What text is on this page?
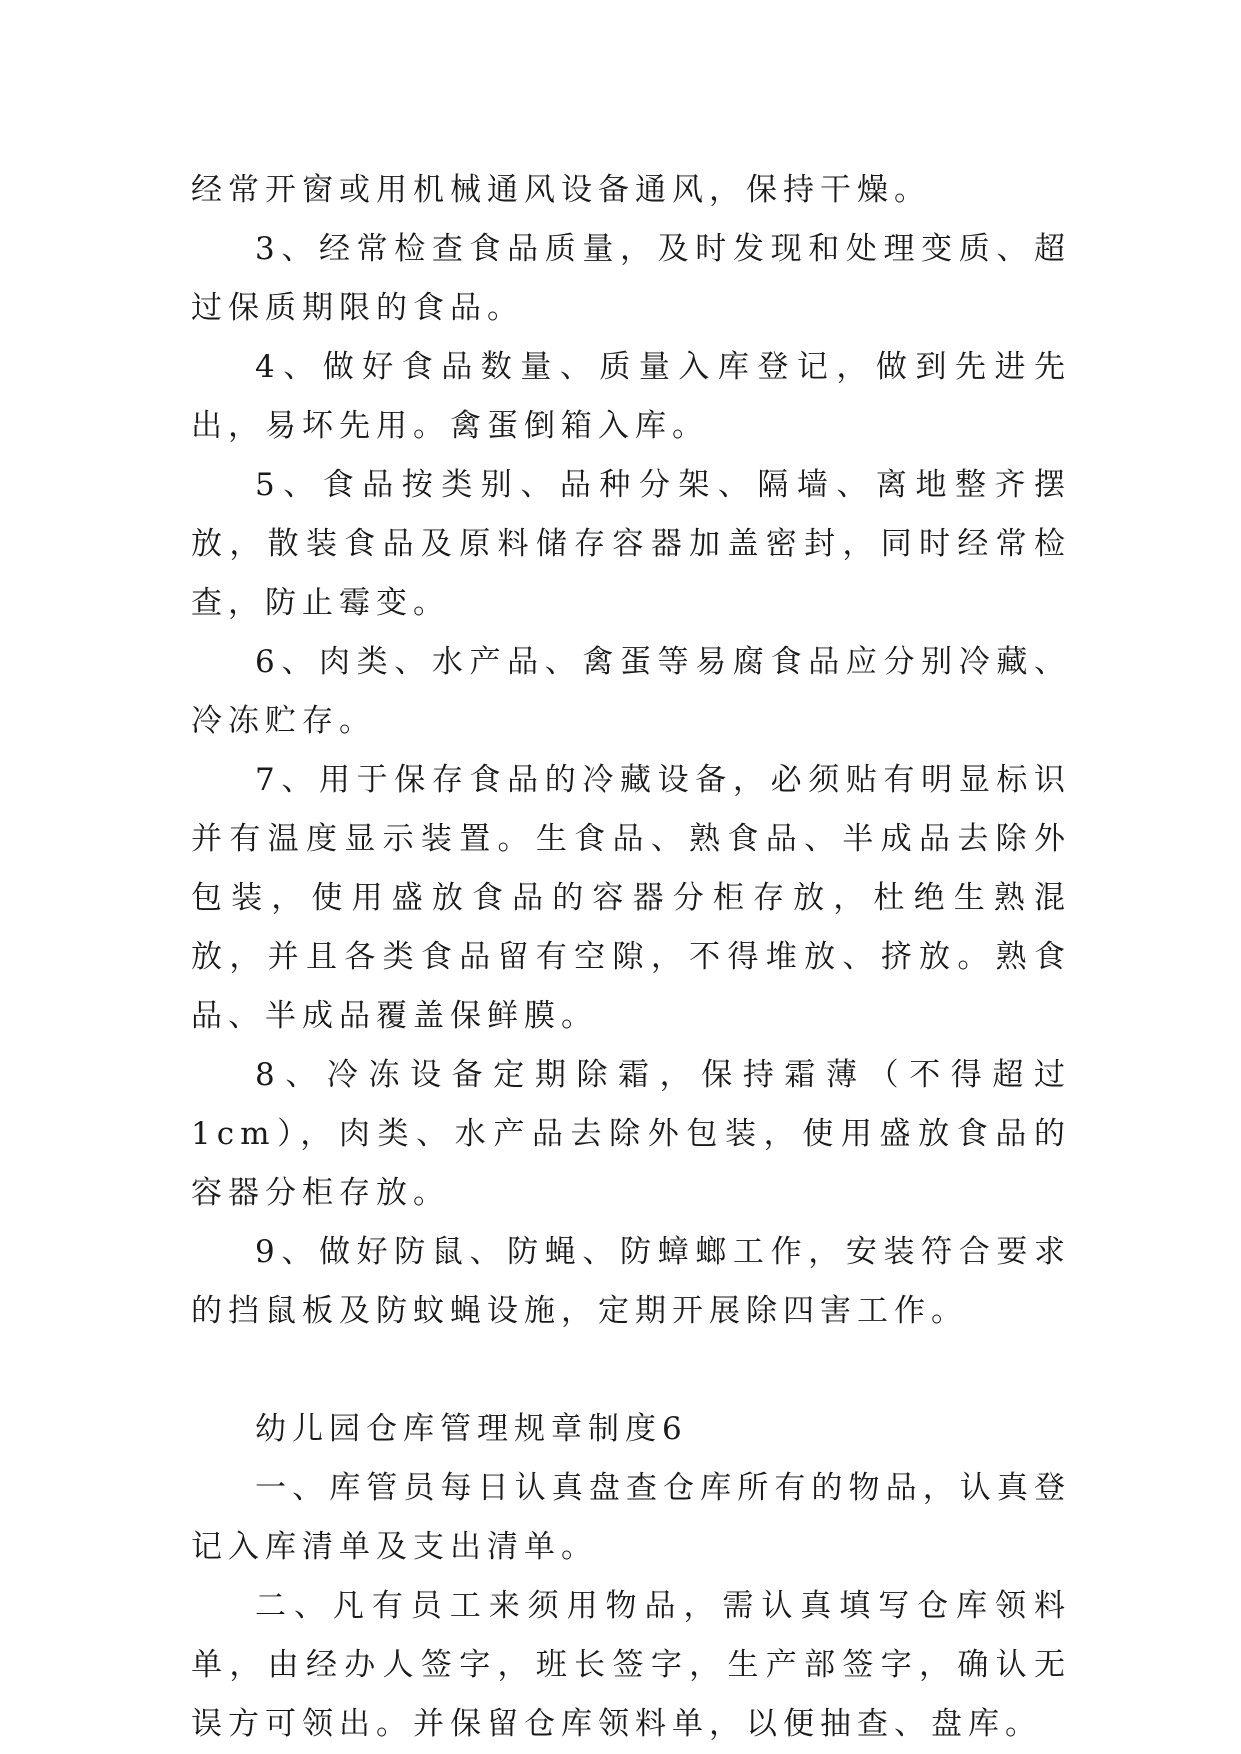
经常开窗或用机械通风设备通风，保持干燥。

3、经常检查食品质量，及时发现和处理变质、超过保质期限的食品。

4、做好食品数量、质量入库登记，做到先进先出，易坏先用。禽蛋倒箱入库。

5、食品按类别、品种分架、隔墙、离地整齐摆放，散装食品及原料储存容器加盖密封，同时经常检查，防止霉变。

6、肉类、水产品、禽蛋等易腐食品应分别冷藏、冷冻贮存。

7、用于保存食品的冷藏设备，必须贴有明显标识并有温度显示装置。生食品、熟食品、半成品去除外包装，使用盛放食品的容器分柜存放，杜绝生熟混放，并且各类食品留有空隙，不得堆放、挤放。熟食品、半成品覆盖保鲜膜。

8、冷冻设备定期除霜，保持霜薄（不得超过1cm），肉类、水产品去除外包装，使用盛放食品的容器分柜存放。

9、做好防鼠、防蝇、防蟑螂工作，安装符合要求的挡鼠板及防蚊蝇设施，定期开展除四害工作。

幼儿园仓库管理规章制度6

一、库管员每日认真盘查仓库所有的物品，认真登记入库清单及支出清单。

二、凡有员工来须用物品，需认真填写仓库领料单，由经办人签字，班长签字，生产部签字，确认无误方可领出。并保留仓库领料单，以便抽查、盘库。
